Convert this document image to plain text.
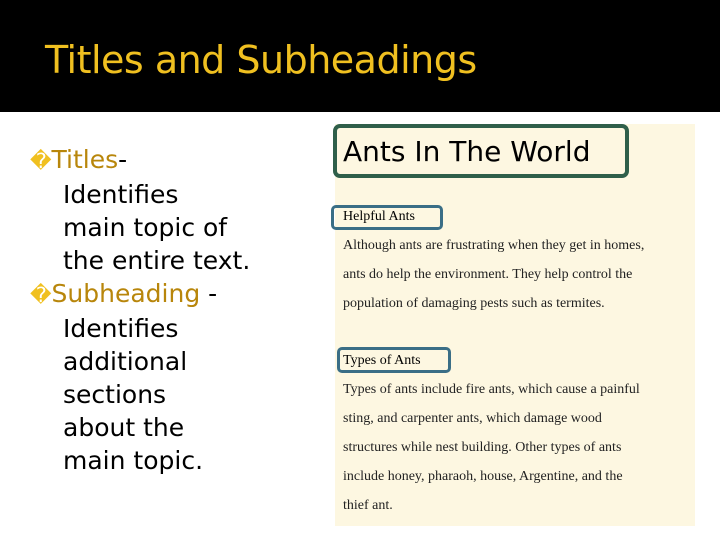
Titles and Subheadings
�Titles-
Identifies
main topic of
the entire text.
�Subheading -
Identifies
additional
sections
about the
main topic.
Ants In The World
Helpful Ants
Although ants are frustrating when they get in homes,
ants do help the environment. They help control the
population of damaging pests such as termites.
Types of Ants
Types of ants include fire ants, which cause a painful
sting, and carpenter ants, which damage wood
structures while nest building. Other types of ants
include honey, pharaoh, house, Argentine, and the
thief ant.
